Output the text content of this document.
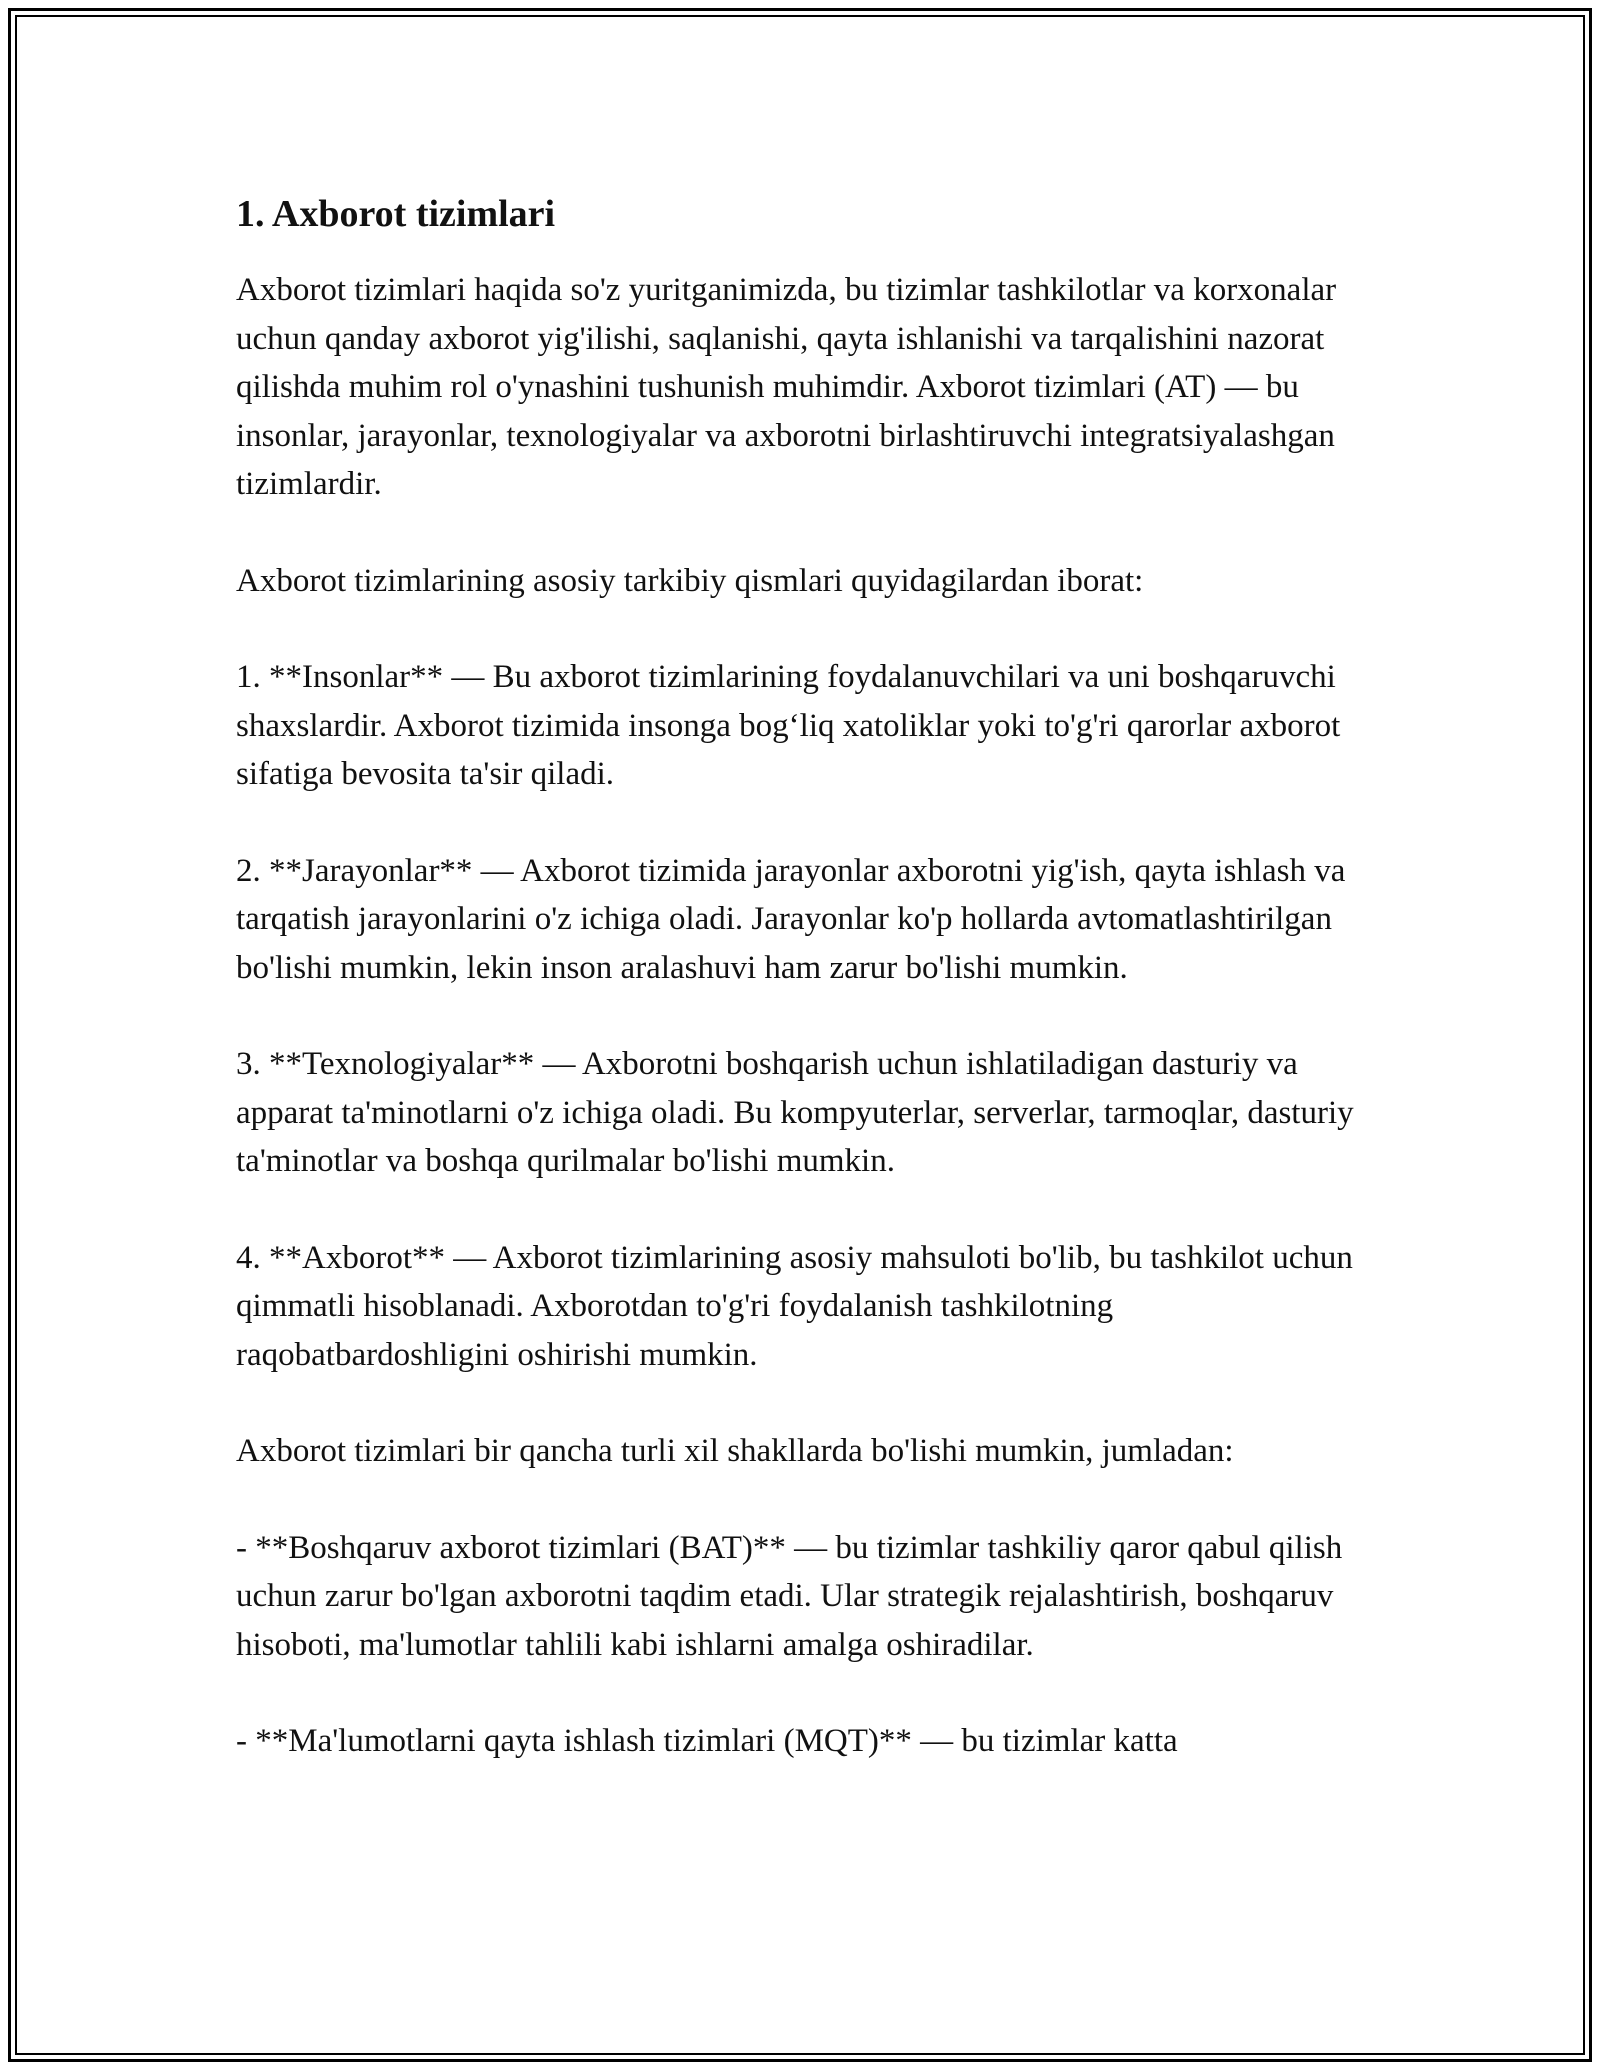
1. Axborot tizimlari

Axborot tizimlari haqida so'z yuritganimizda, bu tizimlar tashkilotlar va korxonalar uchun qanday axborot yig'ilishi, saqlanishi, qayta ishlanishi va tarqalishini nazorat qilishda muhim rol o'ynashini tushunish muhimdir. Axborot tizimlari (AT) — bu insonlar, jarayonlar, texnologiyalar va axborotni birlashtiruvchi integratsiyalashgan tizimlardir.

Axborot tizimlarining asosiy tarkibiy qismlari quyidagilardan iborat:

1. **Insonlar** — Bu axborot tizimlarining foydalanuvchilari va uni boshqaruvchi shaxslardir. Axborot tizimida insonga bog‘liq xatoliklar yoki to'g'ri qarorlar axborot sifatiga bevosita ta'sir qiladi.

2. **Jarayonlar** — Axborot tizimida jarayonlar axborotni yig'ish, qayta ishlash va tarqatish jarayonlarini o'z ichiga oladi. Jarayonlar ko'p hollarda avtomatlashtirilgan bo'lishi mumkin, lekin inson aralashuvi ham zarur bo'lishi mumkin.

3. **Texnologiyalar** — Axborotni boshqarish uchun ishlatiladigan dasturiy va apparat ta'minotlarni o'z ichiga oladi. Bu kompyuterlar, serverlar, tarmoqlar, dasturiy ta'minotlar va boshqa qurilmalar bo'lishi mumkin.

4. **Axborot** — Axborot tizimlarining asosiy mahsuloti bo'lib, bu tashkilot uchun qimmatli hisoblanadi. Axborotdan to'g'ri foydalanish tashkilotning raqobatbardoshligini oshirishi mumkin.

Axborot tizimlari bir qancha turli xil shakllarda bo'lishi mumkin, jumladan:

- **Boshqaruv axborot tizimlari (BAT)** — bu tizimlar tashkiliy qaror qabul qilish uchun zarur bo'lgan axborotni taqdim etadi. Ular strategik rejalashtirish, boshqaruv hisoboti, ma'lumotlar tahlili kabi ishlarni amalga oshiradilar.

- **Ma'lumotlarni qayta ishlash tizimlari (MQT)** — bu tizimlar katta
